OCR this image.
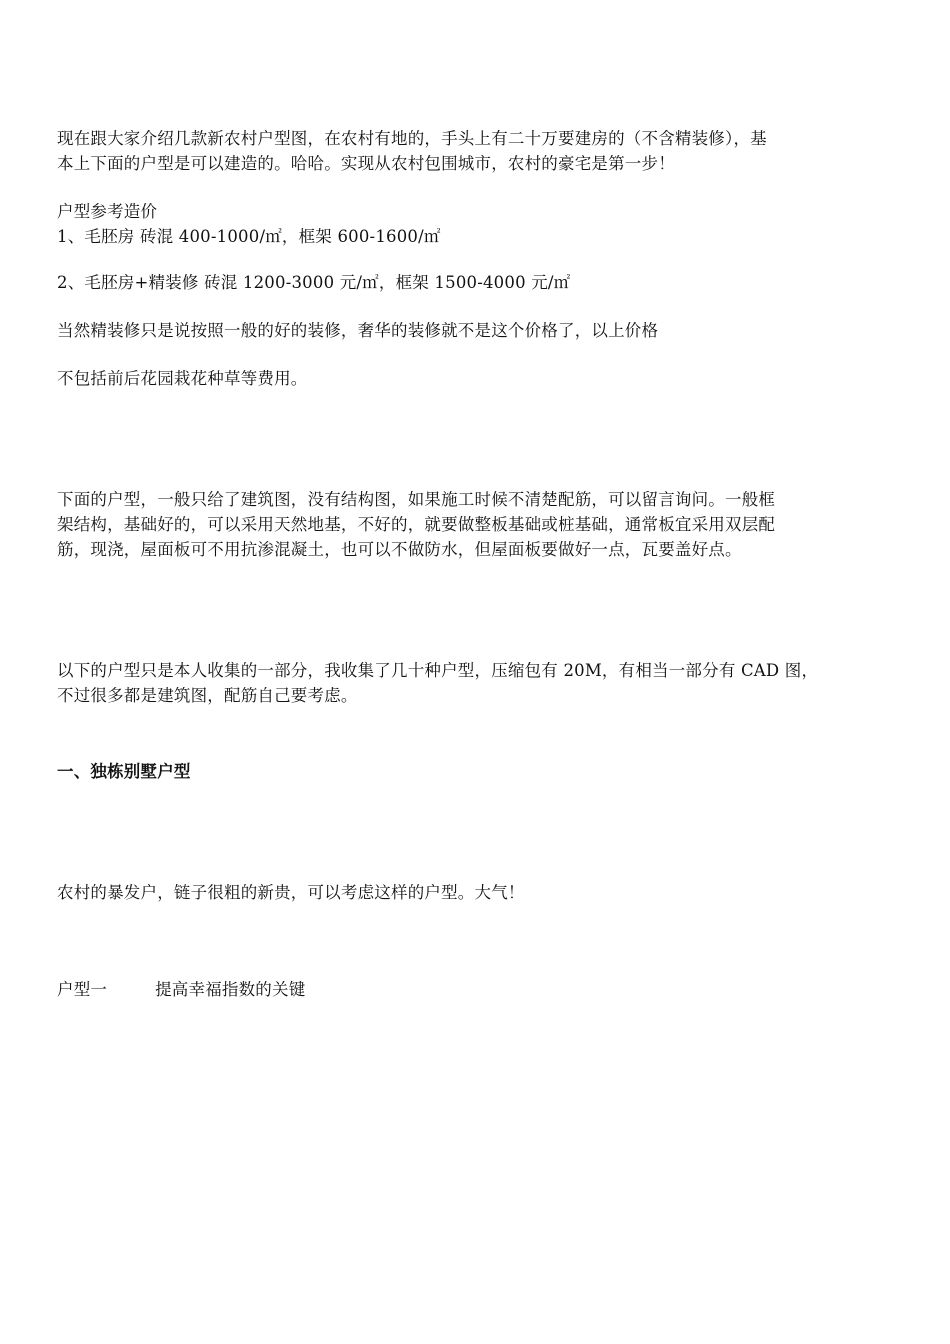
现在跟大家介绍几款新农村户型图，在农村有地的，手头上有二十万要建房的（不含精装修），基
本上下面的户型是可以建造的。哈哈。实现从农村包围城市，农村的豪宅是第一步！

户型参考造价
1、毛胚房 砖混 400-1000/㎡，框架 600-1600/㎡

2、毛胚房+精装修 砖混 1200-3000 元/㎡，框架 1500-4000 元/㎡

当然精装修只是说按照一般的好的装修，奢华的装修就不是这个价格了，以上价格

不包括前后花园栽花种草等费用。

下面的户型，一般只给了建筑图，没有结构图，如果施工时候不清楚配筋，可以留言询问。一般框
架结构，基础好的，可以采用天然地基，不好的，就要做整板基础或桩基础，通常板宜采用双层配
筋，现浇，屋面板可不用抗渗混凝土，也可以不做防水，但屋面板要做好一点，瓦要盖好点。

以下的户型只是本人收集的一部分，我收集了几十种户型，压缩包有 20M，有相当一部分有 CAD 图，
不过很多都是建筑图，配筋自己要考虑。

一、独栋别墅户型

农村的暴发户，链子很粗的新贵，可以考虑这样的户型。大气！

户型一	提高幸福指数的关键
